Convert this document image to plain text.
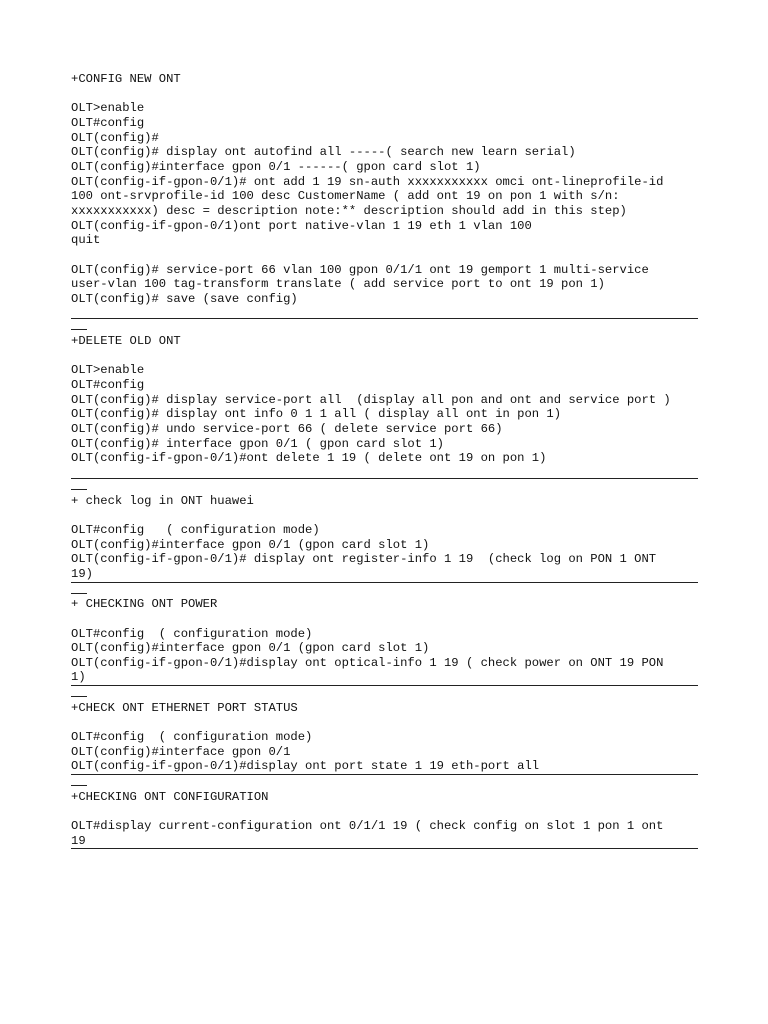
+CONFIG NEW ONT
OLT>enable
OLT#config
OLT(config)#
OLT(config)# display ont autofind all -----( search new learn serial)
OLT(config)#interface gpon 0/1 ------( gpon card slot 1)
OLT(config-if-gpon-0/1)# ont add 1 19 sn-auth xxxxxxxxxxx omci ont-lineprofile-id
100 ont-srvprofile-id 100 desc CustomerName ( add ont 19 on pon 1 with s/n:
xxxxxxxxxxx) desc = description note:** description should add in this step)
OLT(config-if-gpon-0/1)ont port native-vlan 1 19 eth 1 vlan 100
quit
OLT(config)# service-port 66 vlan 100 gpon 0/1/1 ont 19 gemport 1 multi-service
user-vlan 100 tag-transform translate ( add service port to ont 19 pon 1)
OLT(config)# save (save config)
+DELETE OLD ONT
OLT>enable
OLT#config
OLT(config)# display service-port all  (display all pon and ont and service port )
OLT(config)# display ont info 0 1 1 all ( display all ont in pon 1)
OLT(config)# undo service-port 66 ( delete service port 66)
OLT(config)# interface gpon 0/1 ( gpon card slot 1)
OLT(config-if-gpon-0/1)#ont delete 1 19 ( delete ont 19 on pon 1)
+ check log in ONT huawei
OLT#config   ( configuration mode)
OLT(config)#interface gpon 0/1 (gpon card slot 1)
OLT(config-if-gpon-0/1)# display ont register-info 1 19  (check log on PON 1 ONT
19)
+ CHECKING ONT POWER
OLT#config  ( configuration mode)
OLT(config)#interface gpon 0/1 (gpon card slot 1)
OLT(config-if-gpon-0/1)#display ont optical-info 1 19 ( check power on ONT 19 PON
1)
+CHECK ONT ETHERNET PORT STATUS
OLT#config  ( configuration mode)
OLT(config)#interface gpon 0/1
OLT(config-if-gpon-0/1)#display ont port state 1 19 eth-port all
+CHECKING ONT CONFIGURATION
OLT#display current-configuration ont 0/1/1 19 ( check config on slot 1 pon 1 ont
19
